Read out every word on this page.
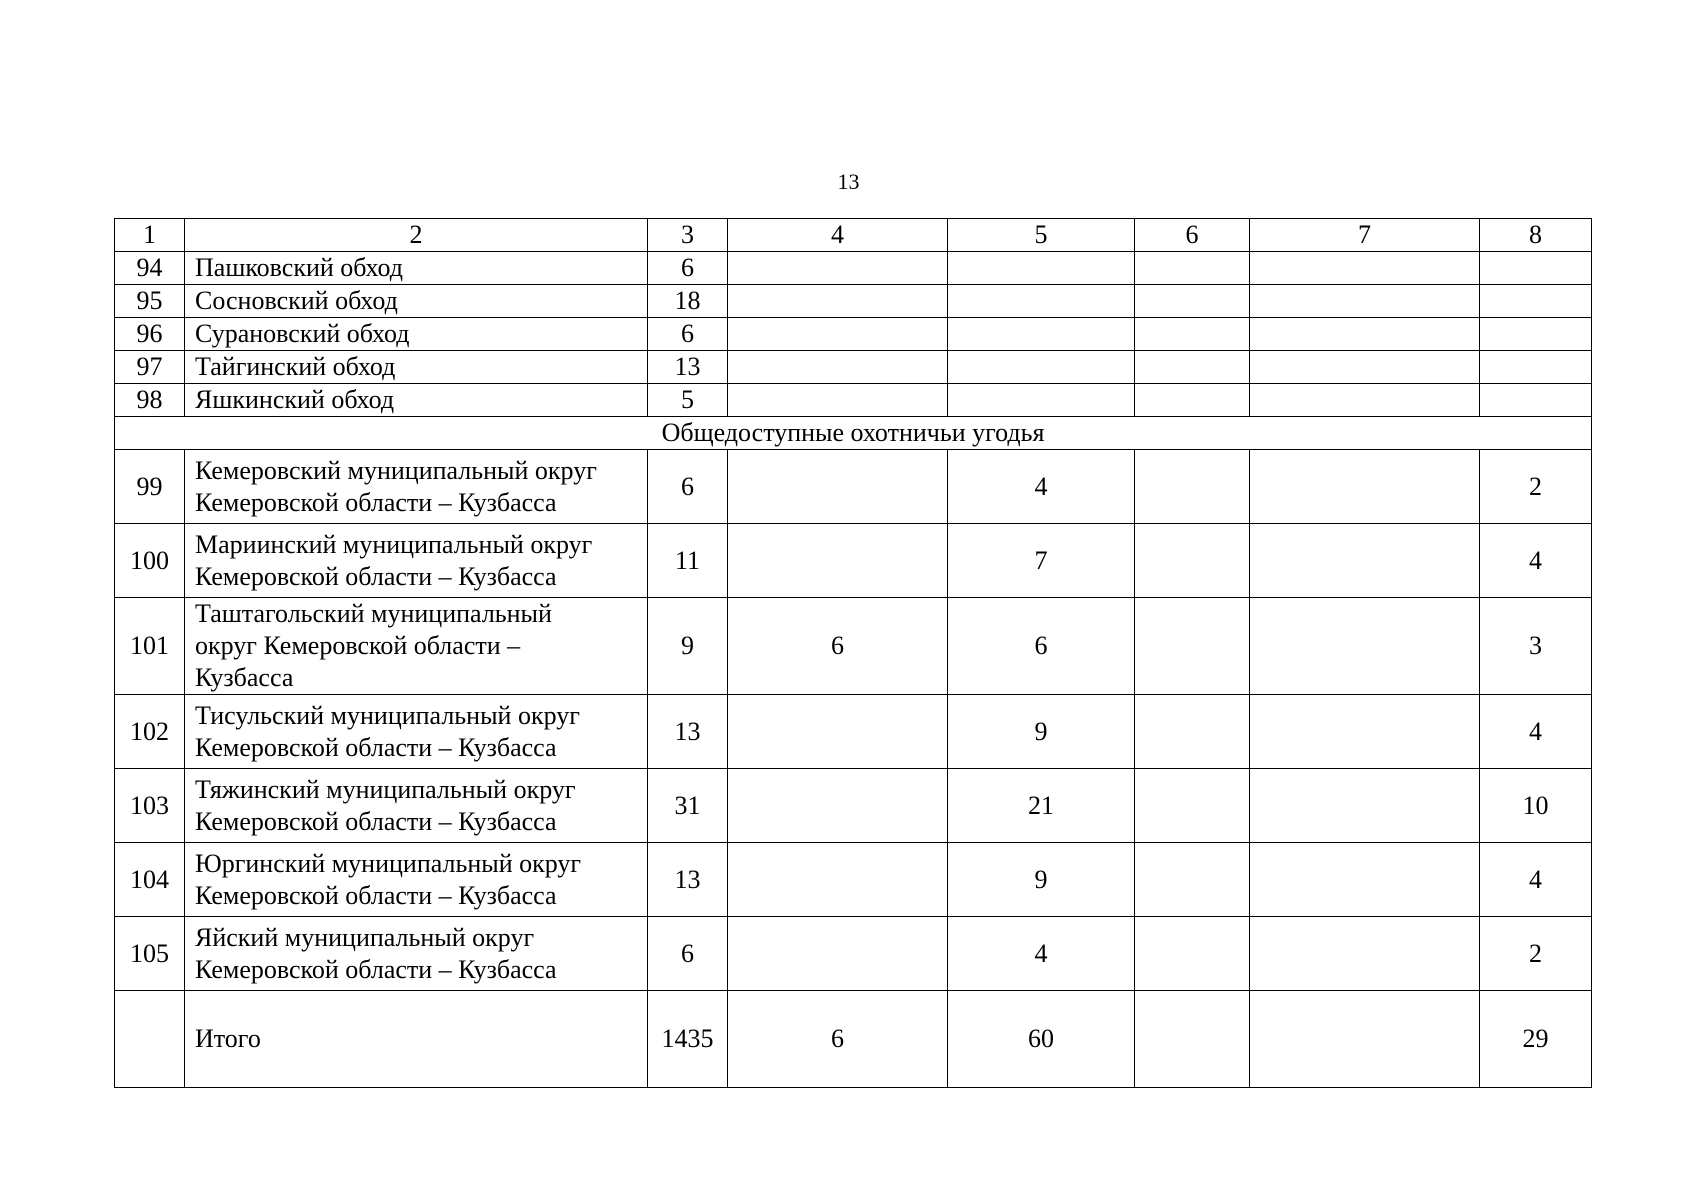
13
1	2	3	4	5	6	7	8
94	Пашковский обход	6					
95	Сосновский обход	18					
96	Сурановский обход	6					
97	Тайгинский обход	13					
98	Яшкинский обход	5					
Общедоступные охотничьи угодья							
99	Кемеровский муниципальный округ
Кемеровской области – Кузбасса	6		4			2
100	Мариинский муниципальный округ
Кемеровской области – Кузбасса	11		7			4
101	Таштагольский муниципальный
округ Кемеровской области –
Кузбасса	9	6	6			3
102	Тисульский муниципальный округ
Кемеровской области – Кузбасса	13		9			4
103	Тяжинский муниципальный округ
Кемеровской области – Кузбасса	31		21			10
104	Юргинский муниципальный округ
Кемеровской области – Кузбасса	13		9			4
105	Яйский муниципальный округ
Кемеровской области – Кузбасса	6		4			2
	Итого	1435	6	60			29
